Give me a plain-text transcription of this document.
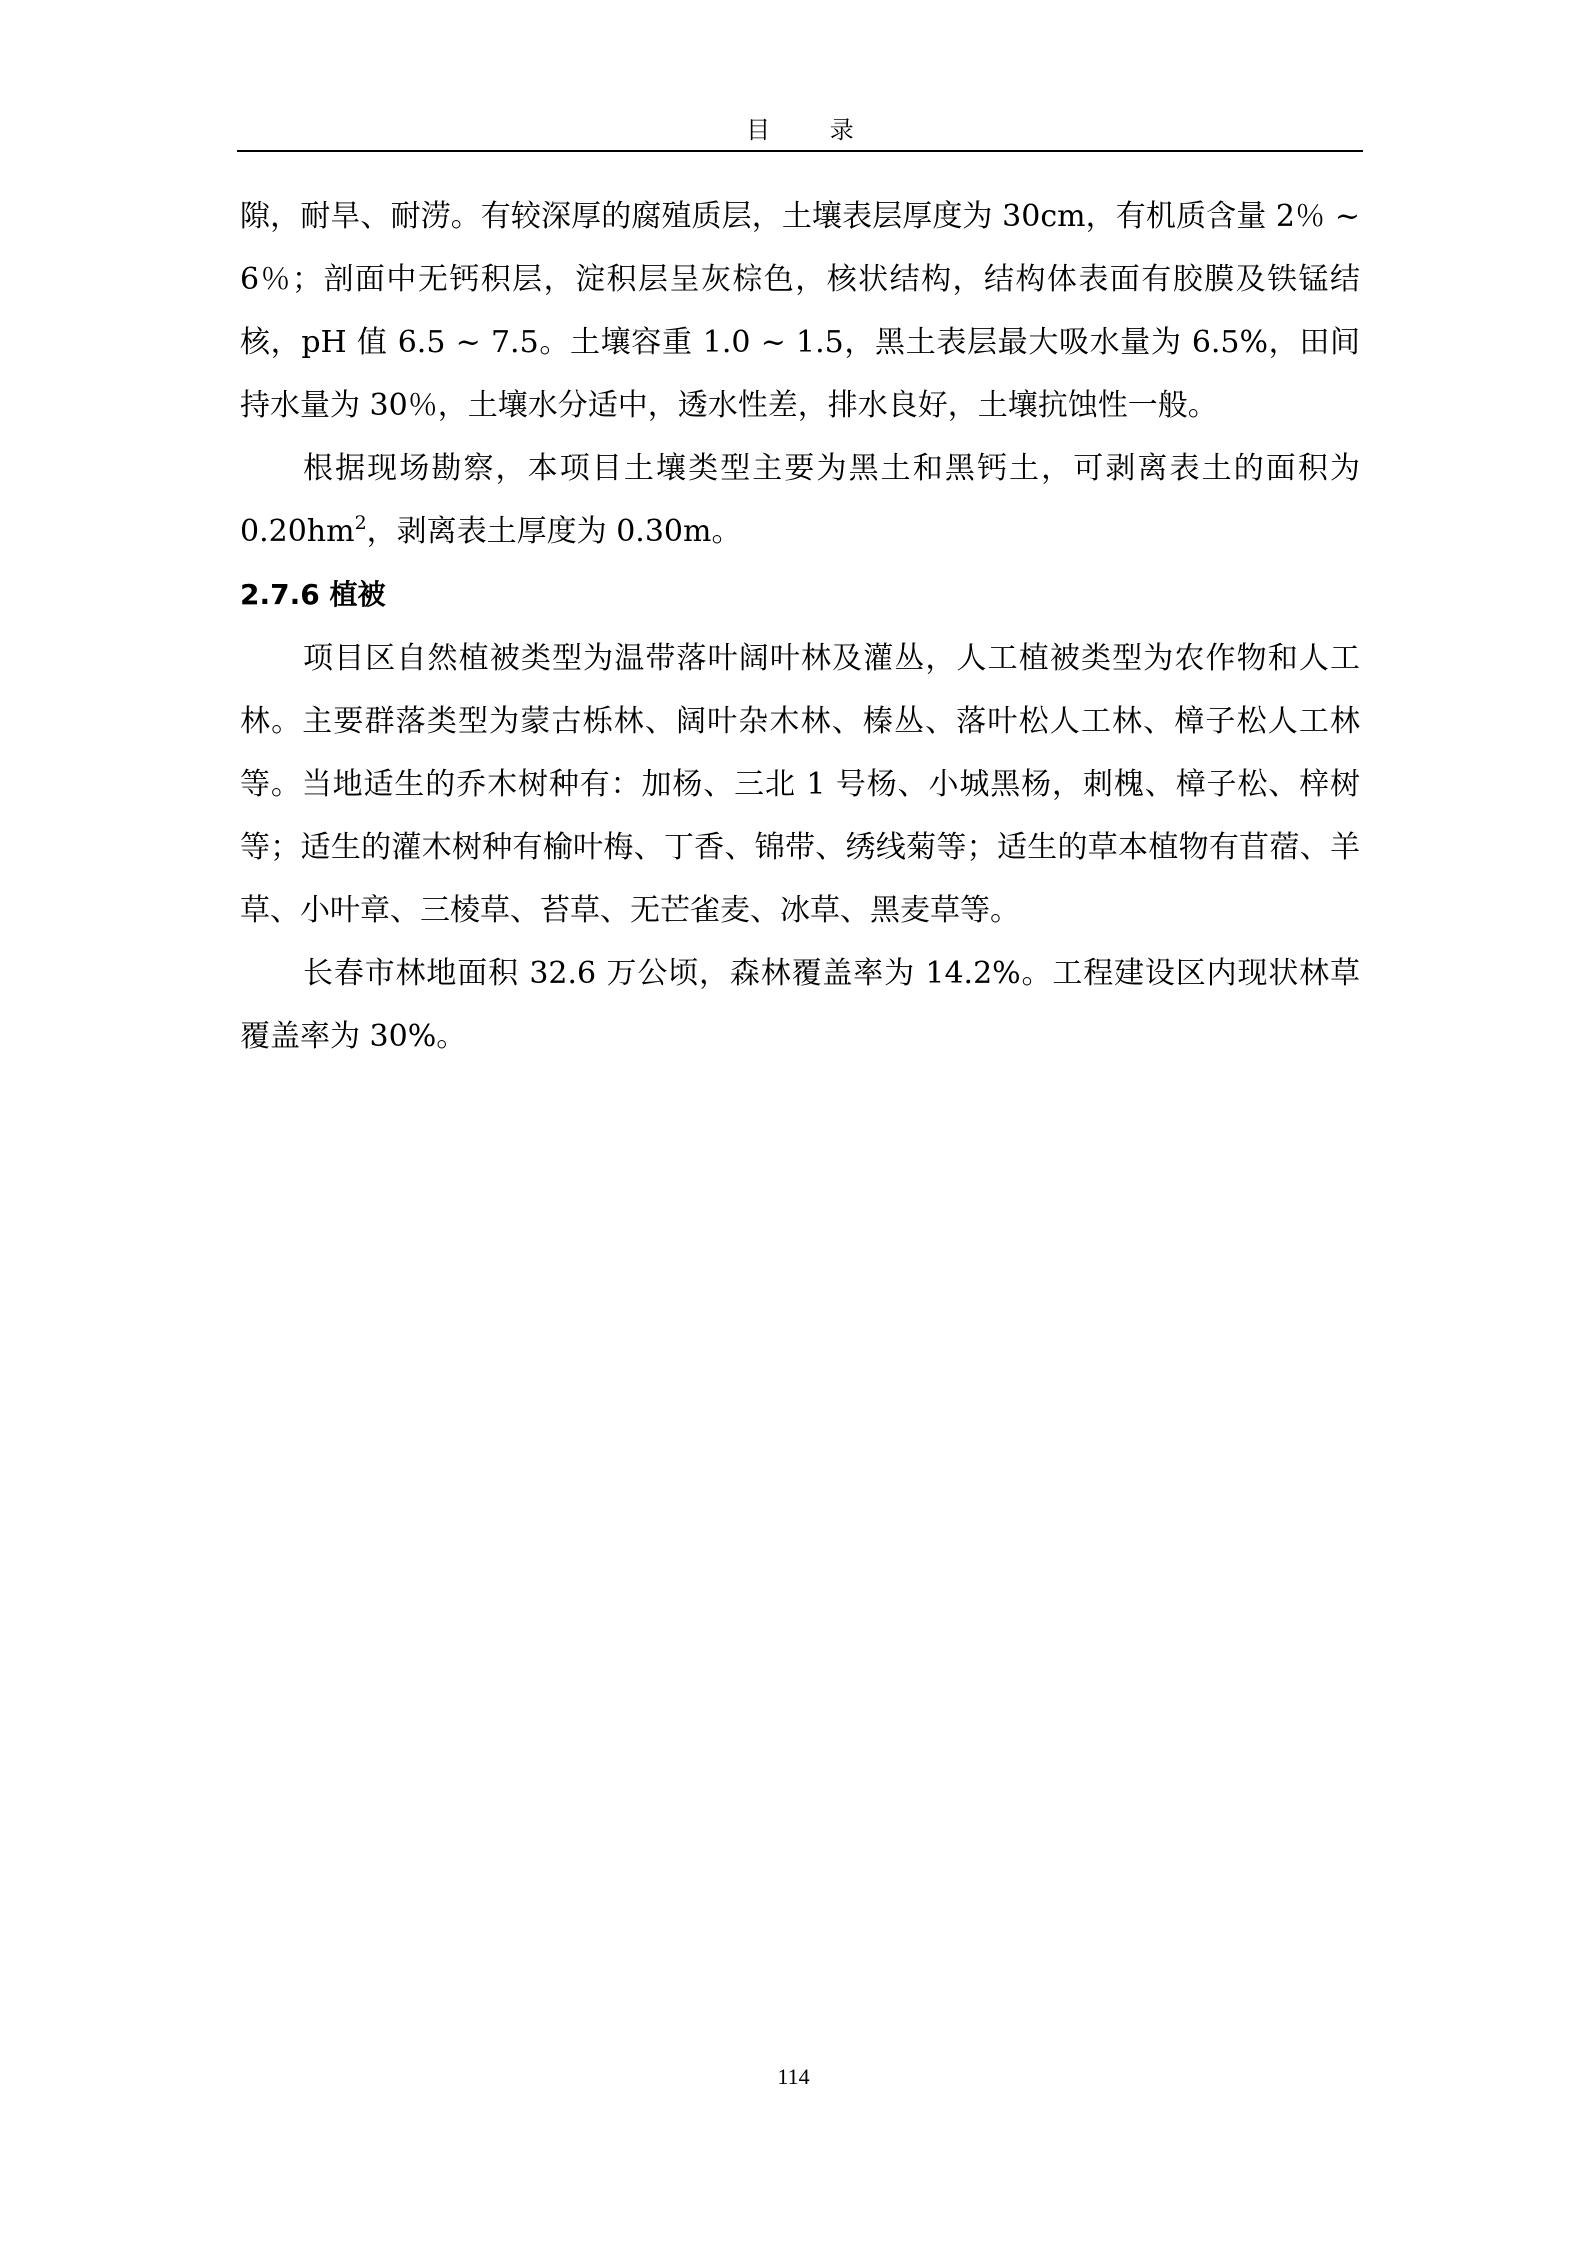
目 录

隙，耐旱、耐涝。有较深厚的腐殖质层，土壤表层厚度为 30cm，有机质含量 2％ ~ 6％；剖面中无钙积层，淀积层呈灰棕色，核状结构，结构体表面有胶膜及铁锰结核，pH 值 6.5 ~ 7.5。土壤容重 1.0 ~ 1.5，黑土表层最大吸水量为 6.5%，田间持水量为 30％，土壤水分适中，透水性差，排水良好，土壤抗蚀性一般。

根据现场勘察，本项目土壤类型主要为黑土和黑钙土，可剥离表土的面积为 $0.20hm^2$，剥离表土厚度为 0.30m。

2.7.6 植被

项目区自然植被类型为温带落叶阔叶林及灌丛，人工植被类型为农作物和人工林。主要群落类型为蒙古栎林、阔叶杂木林、榛丛、落叶松人工林、樟子松人工林等。当地适生的乔木树种有：加杨、三北 1 号杨、小城黑杨，刺槐、樟子松、梓树等；适生的灌木树种有榆叶梅、丁香、锦带、绣线菊等；适生的草本植物有苜蓿、羊草、小叶章、三棱草、苔草、无芒雀麦、冰草、黑麦草等。

长春市林地面积 32.6 万公顷，森林覆盖率为 14.2%。工程建设区内现状林草覆盖率为 30%。

114
